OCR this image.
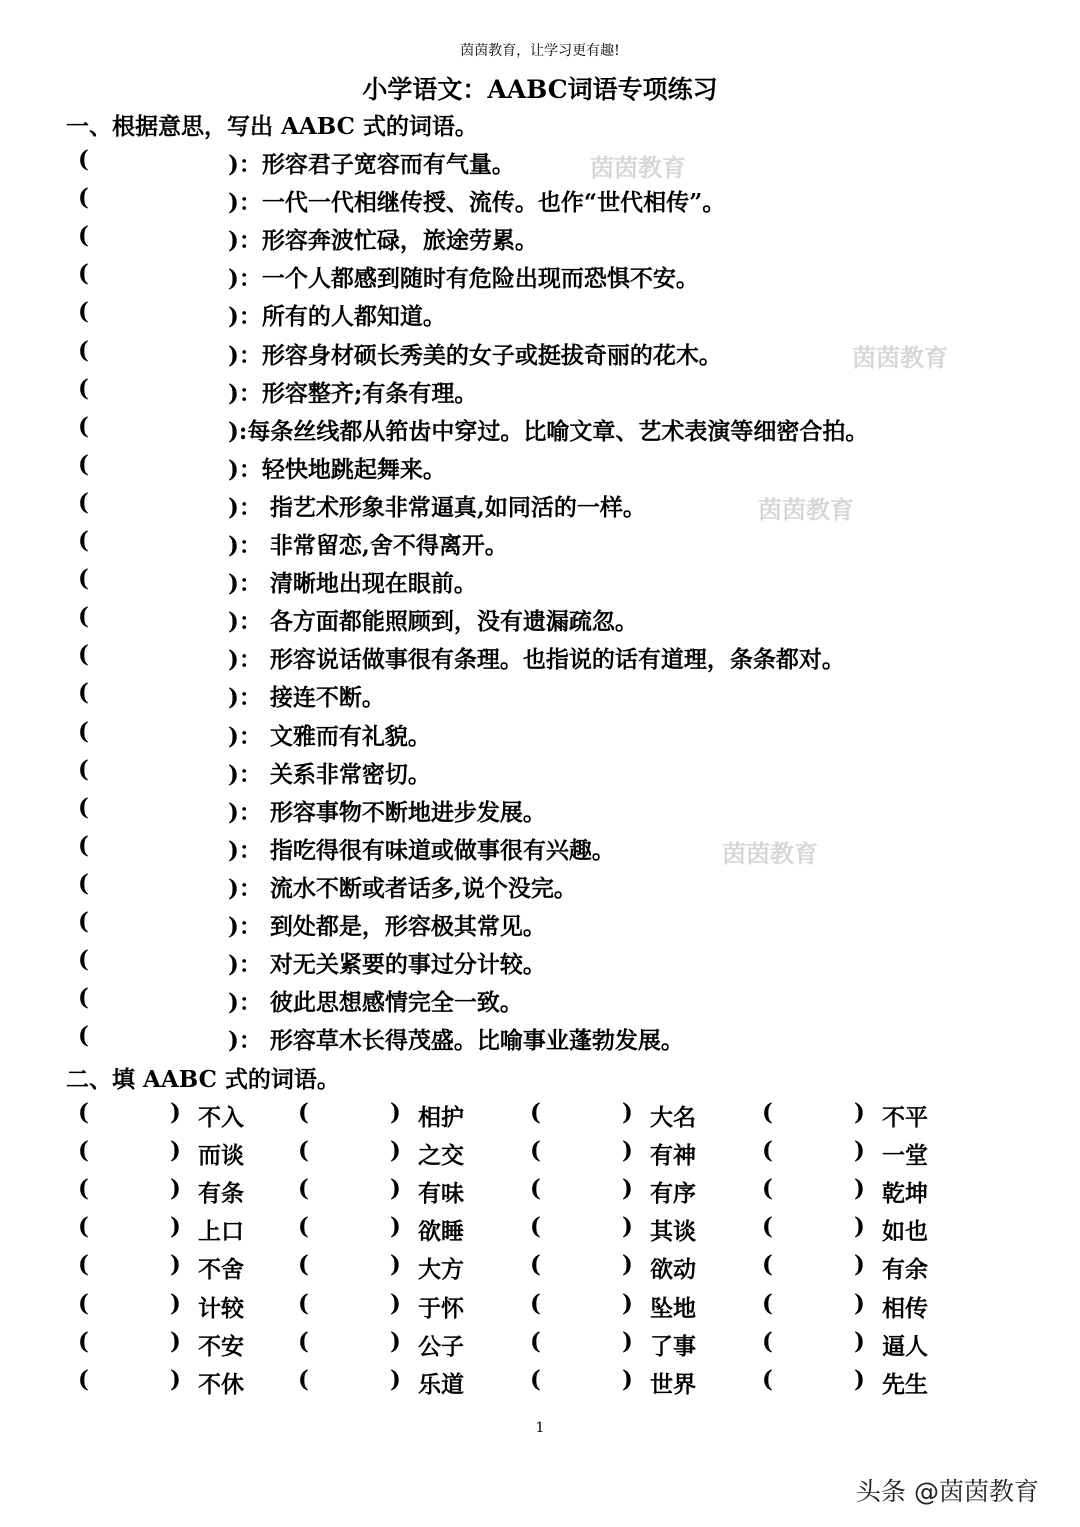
茵茵教育，让学习更有趣!
小学语文：AABC词语专项练习
一、根据意思，写出 AABC 式的词语。
(	)：形容君子宽容而有气量。
(	)：一代一代相继传授、流传。也作“世代相传”。
(	)：形容奔波忙碌，旅途劳累。
(	)：一个人都感到随时有危险出现而恐惧不安。
(	)：所有的人都知道。
(	)：形容身材硕长秀美的女子或挺拔奇丽的花木。
(	)：形容整齐;有条有理。
(	):每条丝线都从筘齿中穿过。比喻文章、艺术表演等细密合拍。
(	)：轻快地跳起舞来。
(	)： 指艺术形象非常逼真,如同活的一样。
(	)： 非常留恋,舍不得离开。
(	)： 清晰地出现在眼前。
(	)： 各方面都能照顾到，没有遗漏疏忽。
(	)： 形容说话做事很有条理。也指说的话有道理，条条都对。
(	)： 接连不断。
(	)： 文雅而有礼貌。
(	)： 关系非常密切。
(	)： 形容事物不断地进步发展。
(	)： 指吃得很有味道或做事很有兴趣。
(	)： 流水不断或者话多,说个没完。
(	)： 到处都是，形容极其常见。
(	)： 对无关紧要的事过分计较。
(	)： 彼此思想感情完全一致。
(	)： 形容草木长得茂盛。比喻事业蓬勃发展。
二、填 AABC 式的词语。
(	) 不入 (	) 相护	(	) 大名	(	) 不平
(	) 而谈 (	) 之交	(	) 有神	(	) 一堂
(	) 有条 (	) 有味	(	) 有序	(	) 乾坤
(	) 上口 (	) 欲睡	(	) 其谈	(	) 如也
(	) 不舍 (	) 大方	(	) 欲动	(	) 有余
(	) 计较 (	) 于怀	(	) 坠地	(	) 相传
(	) 不安 (	) 公子	(	) 了事	(	) 逼人
(	) 不休 (	) 乐道	(	) 世界	(	) 先生
茵茵教育
茵茵教育
茵茵教育
茵茵教育
1
头条 @茵茵教育
